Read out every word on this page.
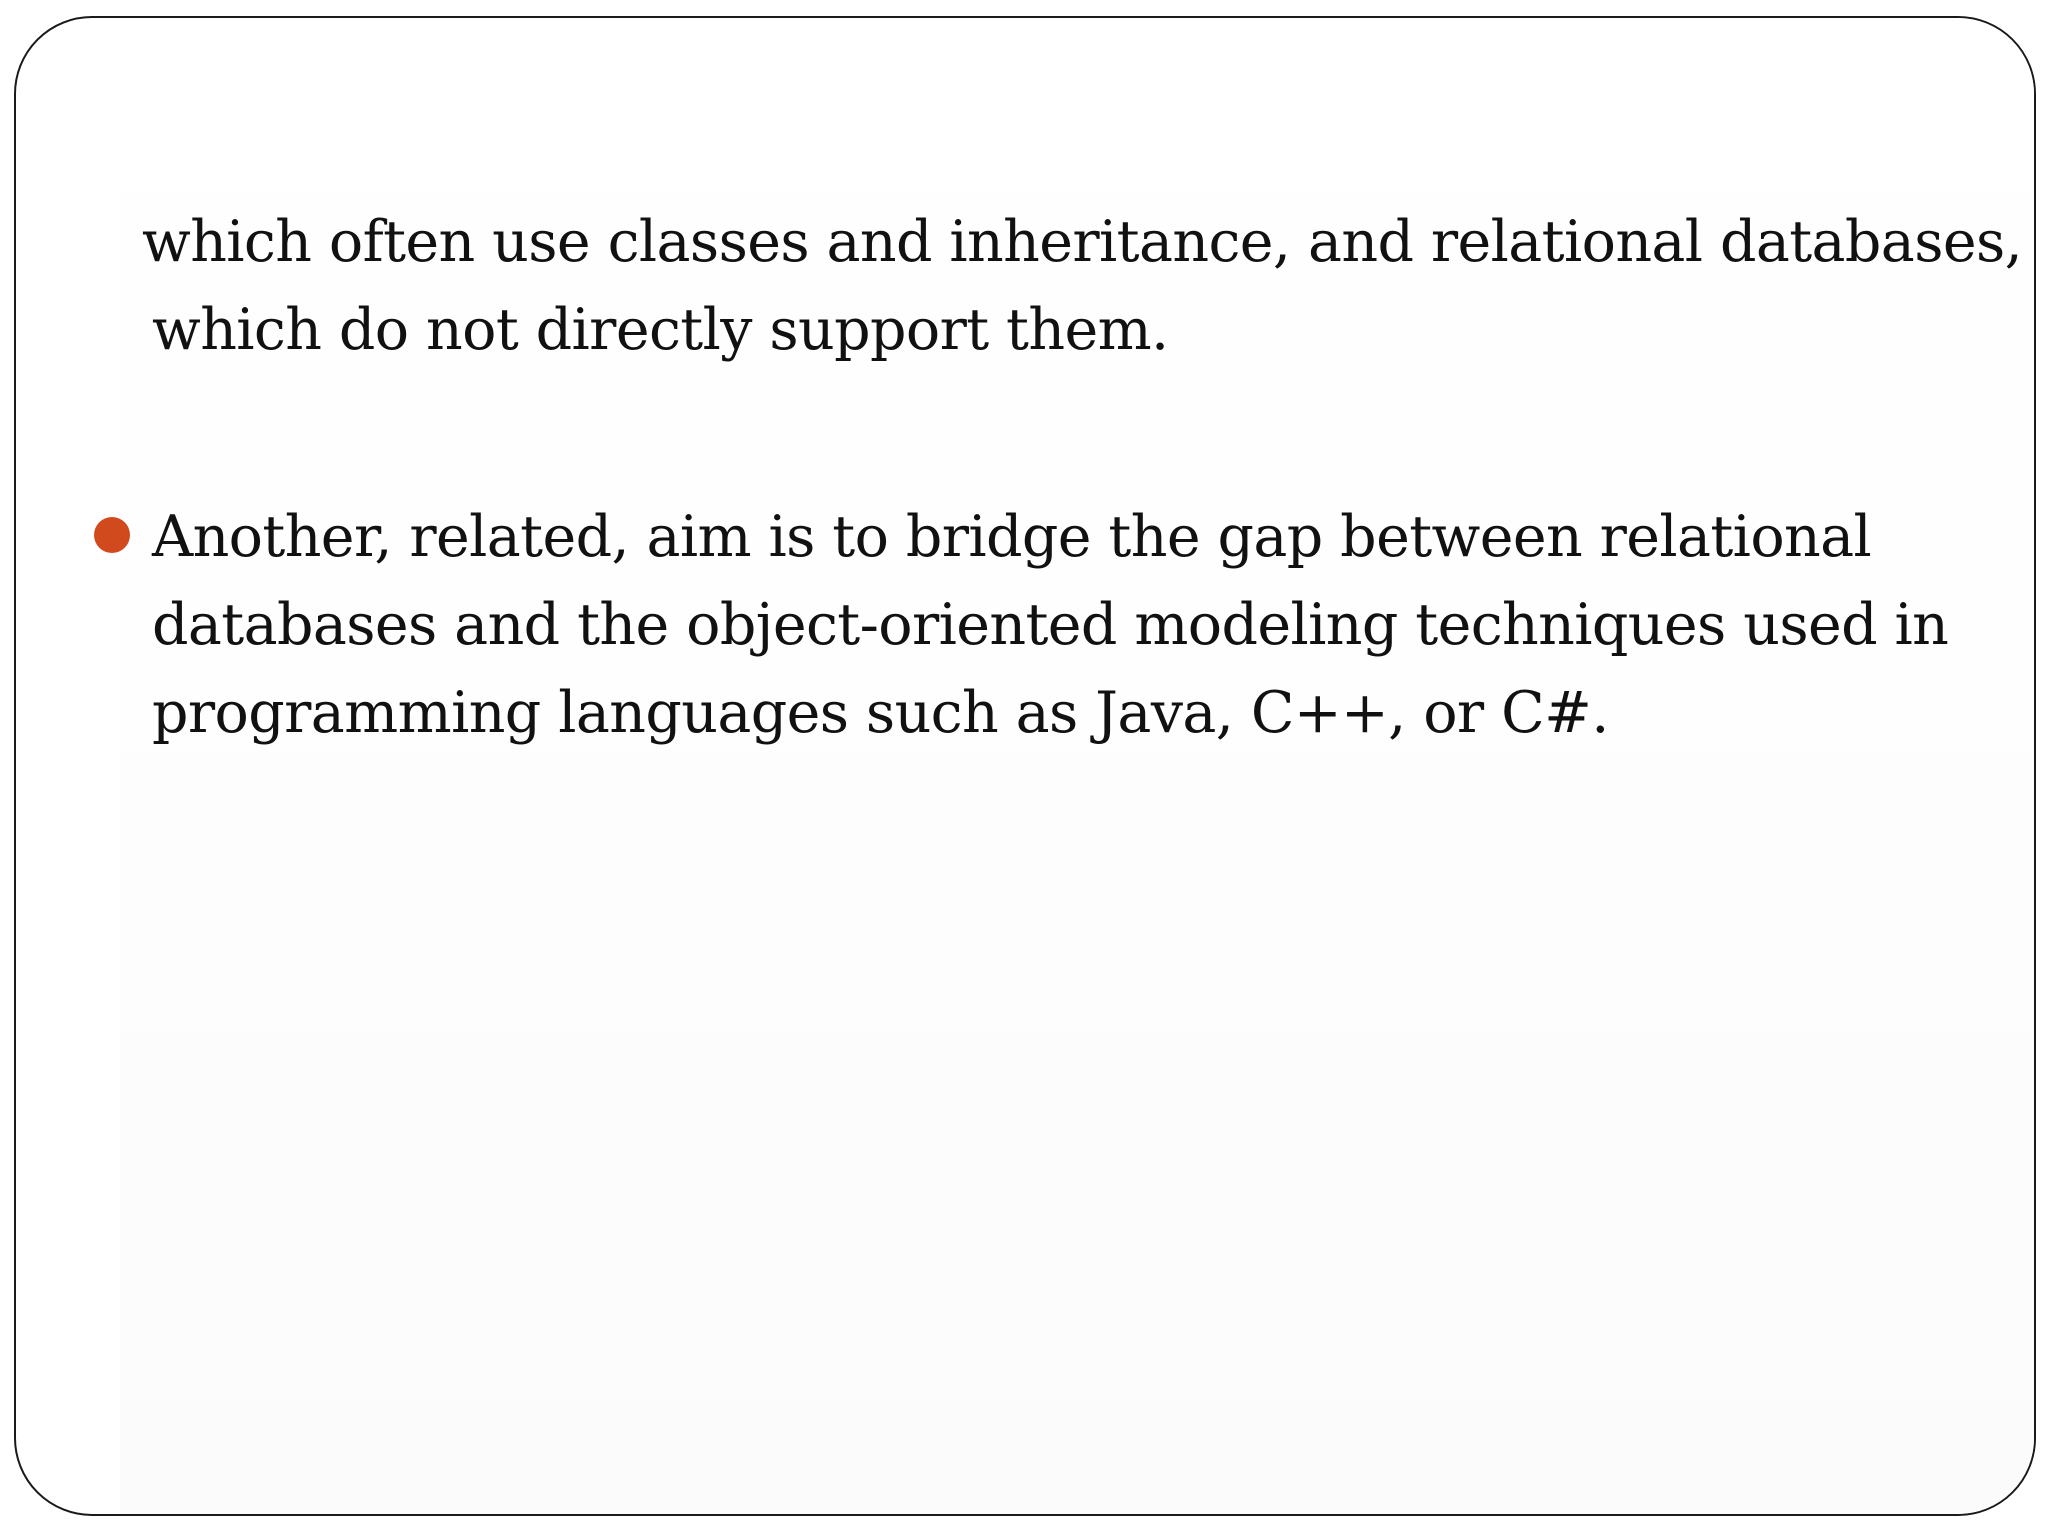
which often use classes and inheritance, and relational databases,
which do not directly support them.

Another, related, aim is to bridge the gap between relational
databases and the object-oriented modeling techniques used in
programming languages such as Java, C++, or C#.
